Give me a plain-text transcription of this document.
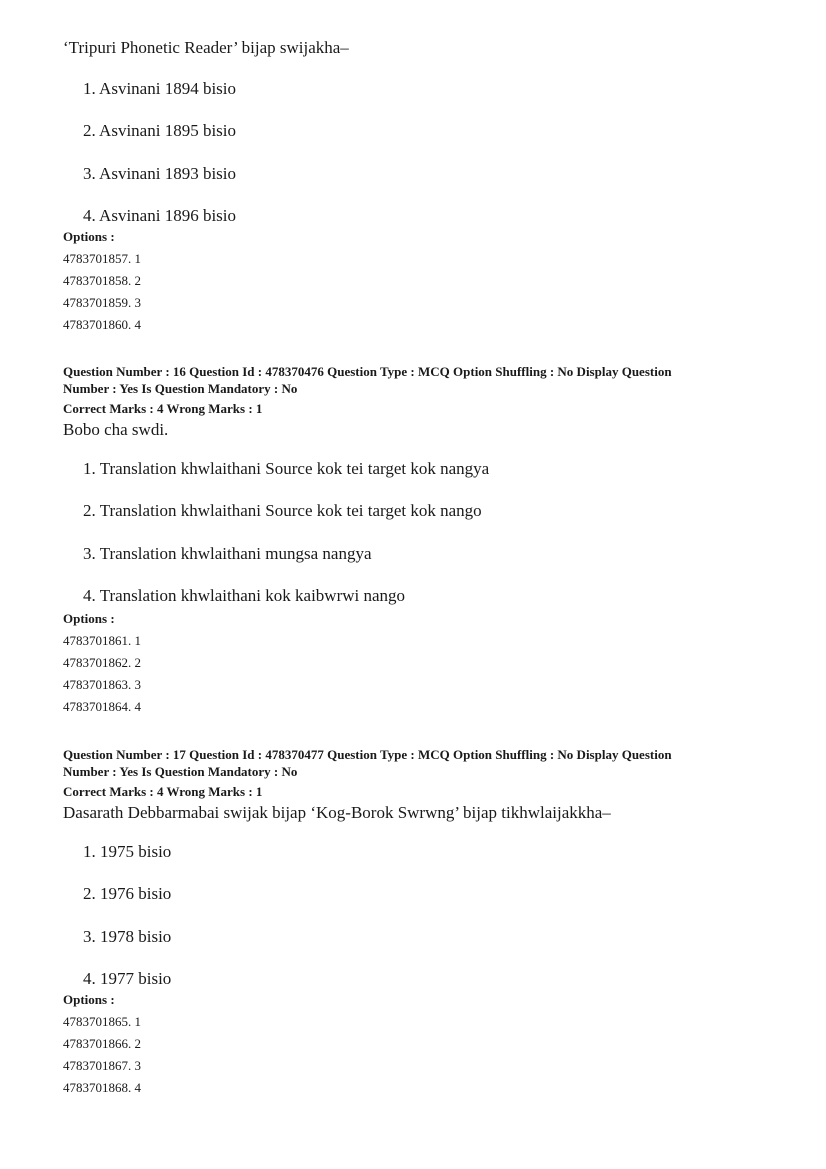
‘Tripuri Phonetic Reader’ bijap swijakha–

1. Asvinani 1894 bisio
2. Asvinani 1895 bisio
3. Asvinani 1893 bisio
4. Asvinani 1896 bisio

Options :

4783701857. 1

4783701858. 2

4783701859. 3

4783701860. 4

Question Number : 16 Question Id : 478370476 Question Type : MCQ Option Shuffling : No Display Question

Number : Yes Is Question Mandatory : No

Correct Marks : 4 Wrong Marks : 1

Bobo cha swdi.

1. Translation khwlaithani Source kok tei target kok nangya
2. Translation khwlaithani Source kok tei target kok nango
3. Translation khwlaithani mungsa nangya
4. Translation khwlaithani kok kaibwrwi nango

Options :

4783701861. 1

4783701862. 2

4783701863. 3

4783701864. 4

Question Number : 17 Question Id : 478370477 Question Type : MCQ Option Shuffling : No Display Question

Number : Yes Is Question Mandatory : No

Correct Marks : 4 Wrong Marks : 1

Dasarath Debbarmabai swijak bijap ‘Kog-Borok Swrwng’ bijap tikhwlaijakkha–

1. 1975 bisio
2. 1976 bisio
3. 1978 bisio
4. 1977 bisio

Options :

4783701865. 1

4783701866. 2

4783701867. 3

4783701868. 4
